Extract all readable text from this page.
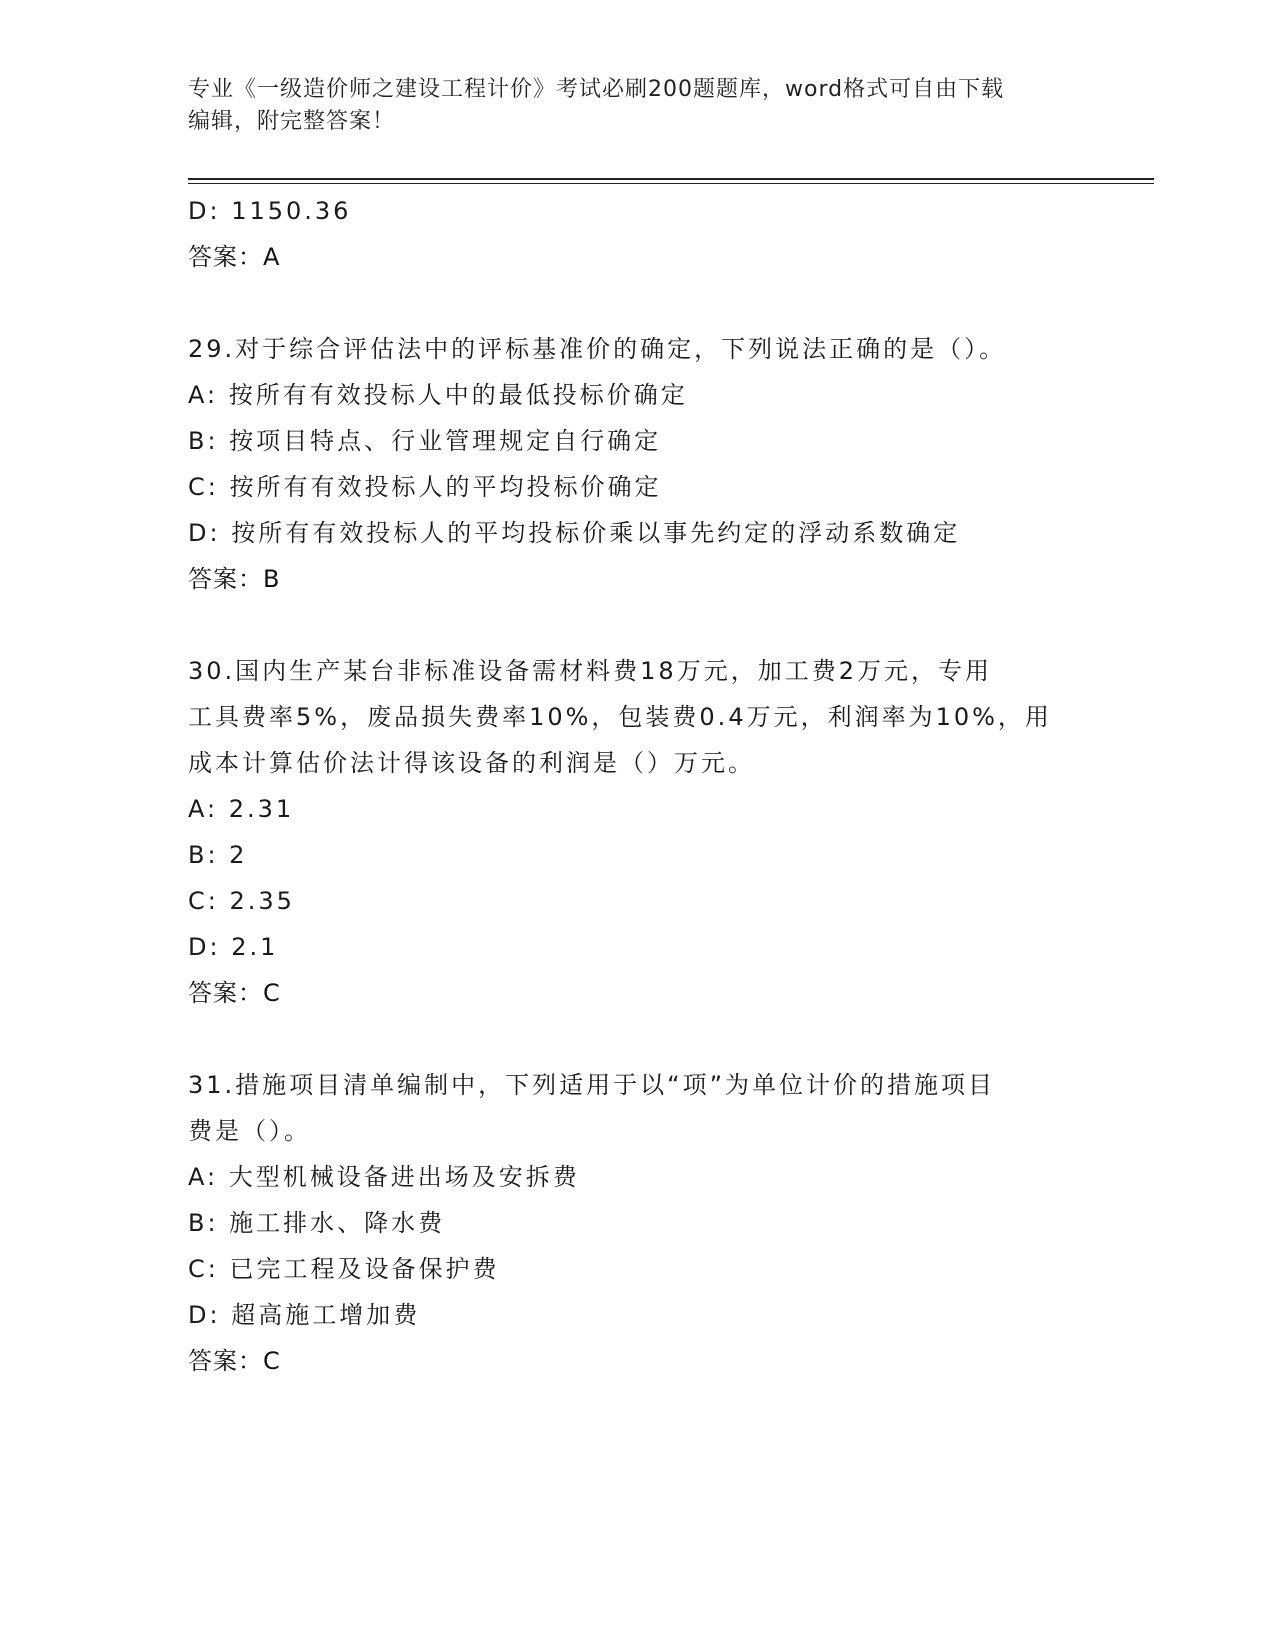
专业《一级造价师之建设工程计价》考试必刷200题题库，word格式可自由下载
编辑，附完整答案！
D: 1150.36
答案：A
29.对于综合评估法中的评标基准价的确定，下列说法正确的是（）。
A: 按所有有效投标人中的最低投标价确定
B: 按项目特点、行业管理规定自行确定
C: 按所有有效投标人的平均投标价确定
D: 按所有有效投标人的平均投标价乘以事先约定的浮动系数确定
答案：B
30.国内生产某台非标准设备需材料费18万元，加工费2万元，专用
工具费率5%，废品损失费率10%，包装费0.4万元，利润率为10%，用
成本计算估价法计得该设备的利润是（）万元。
A: 2.31
B: 2
C: 2.35
D: 2.1
答案：C
31.措施项目清单编制中，下列适用于以“项”为单位计价的措施项目
费是（）。
A: 大型机械设备进出场及安拆费
B: 施工排水、降水费
C: 已完工程及设备保护费
D: 超高施工增加费
答案：C
